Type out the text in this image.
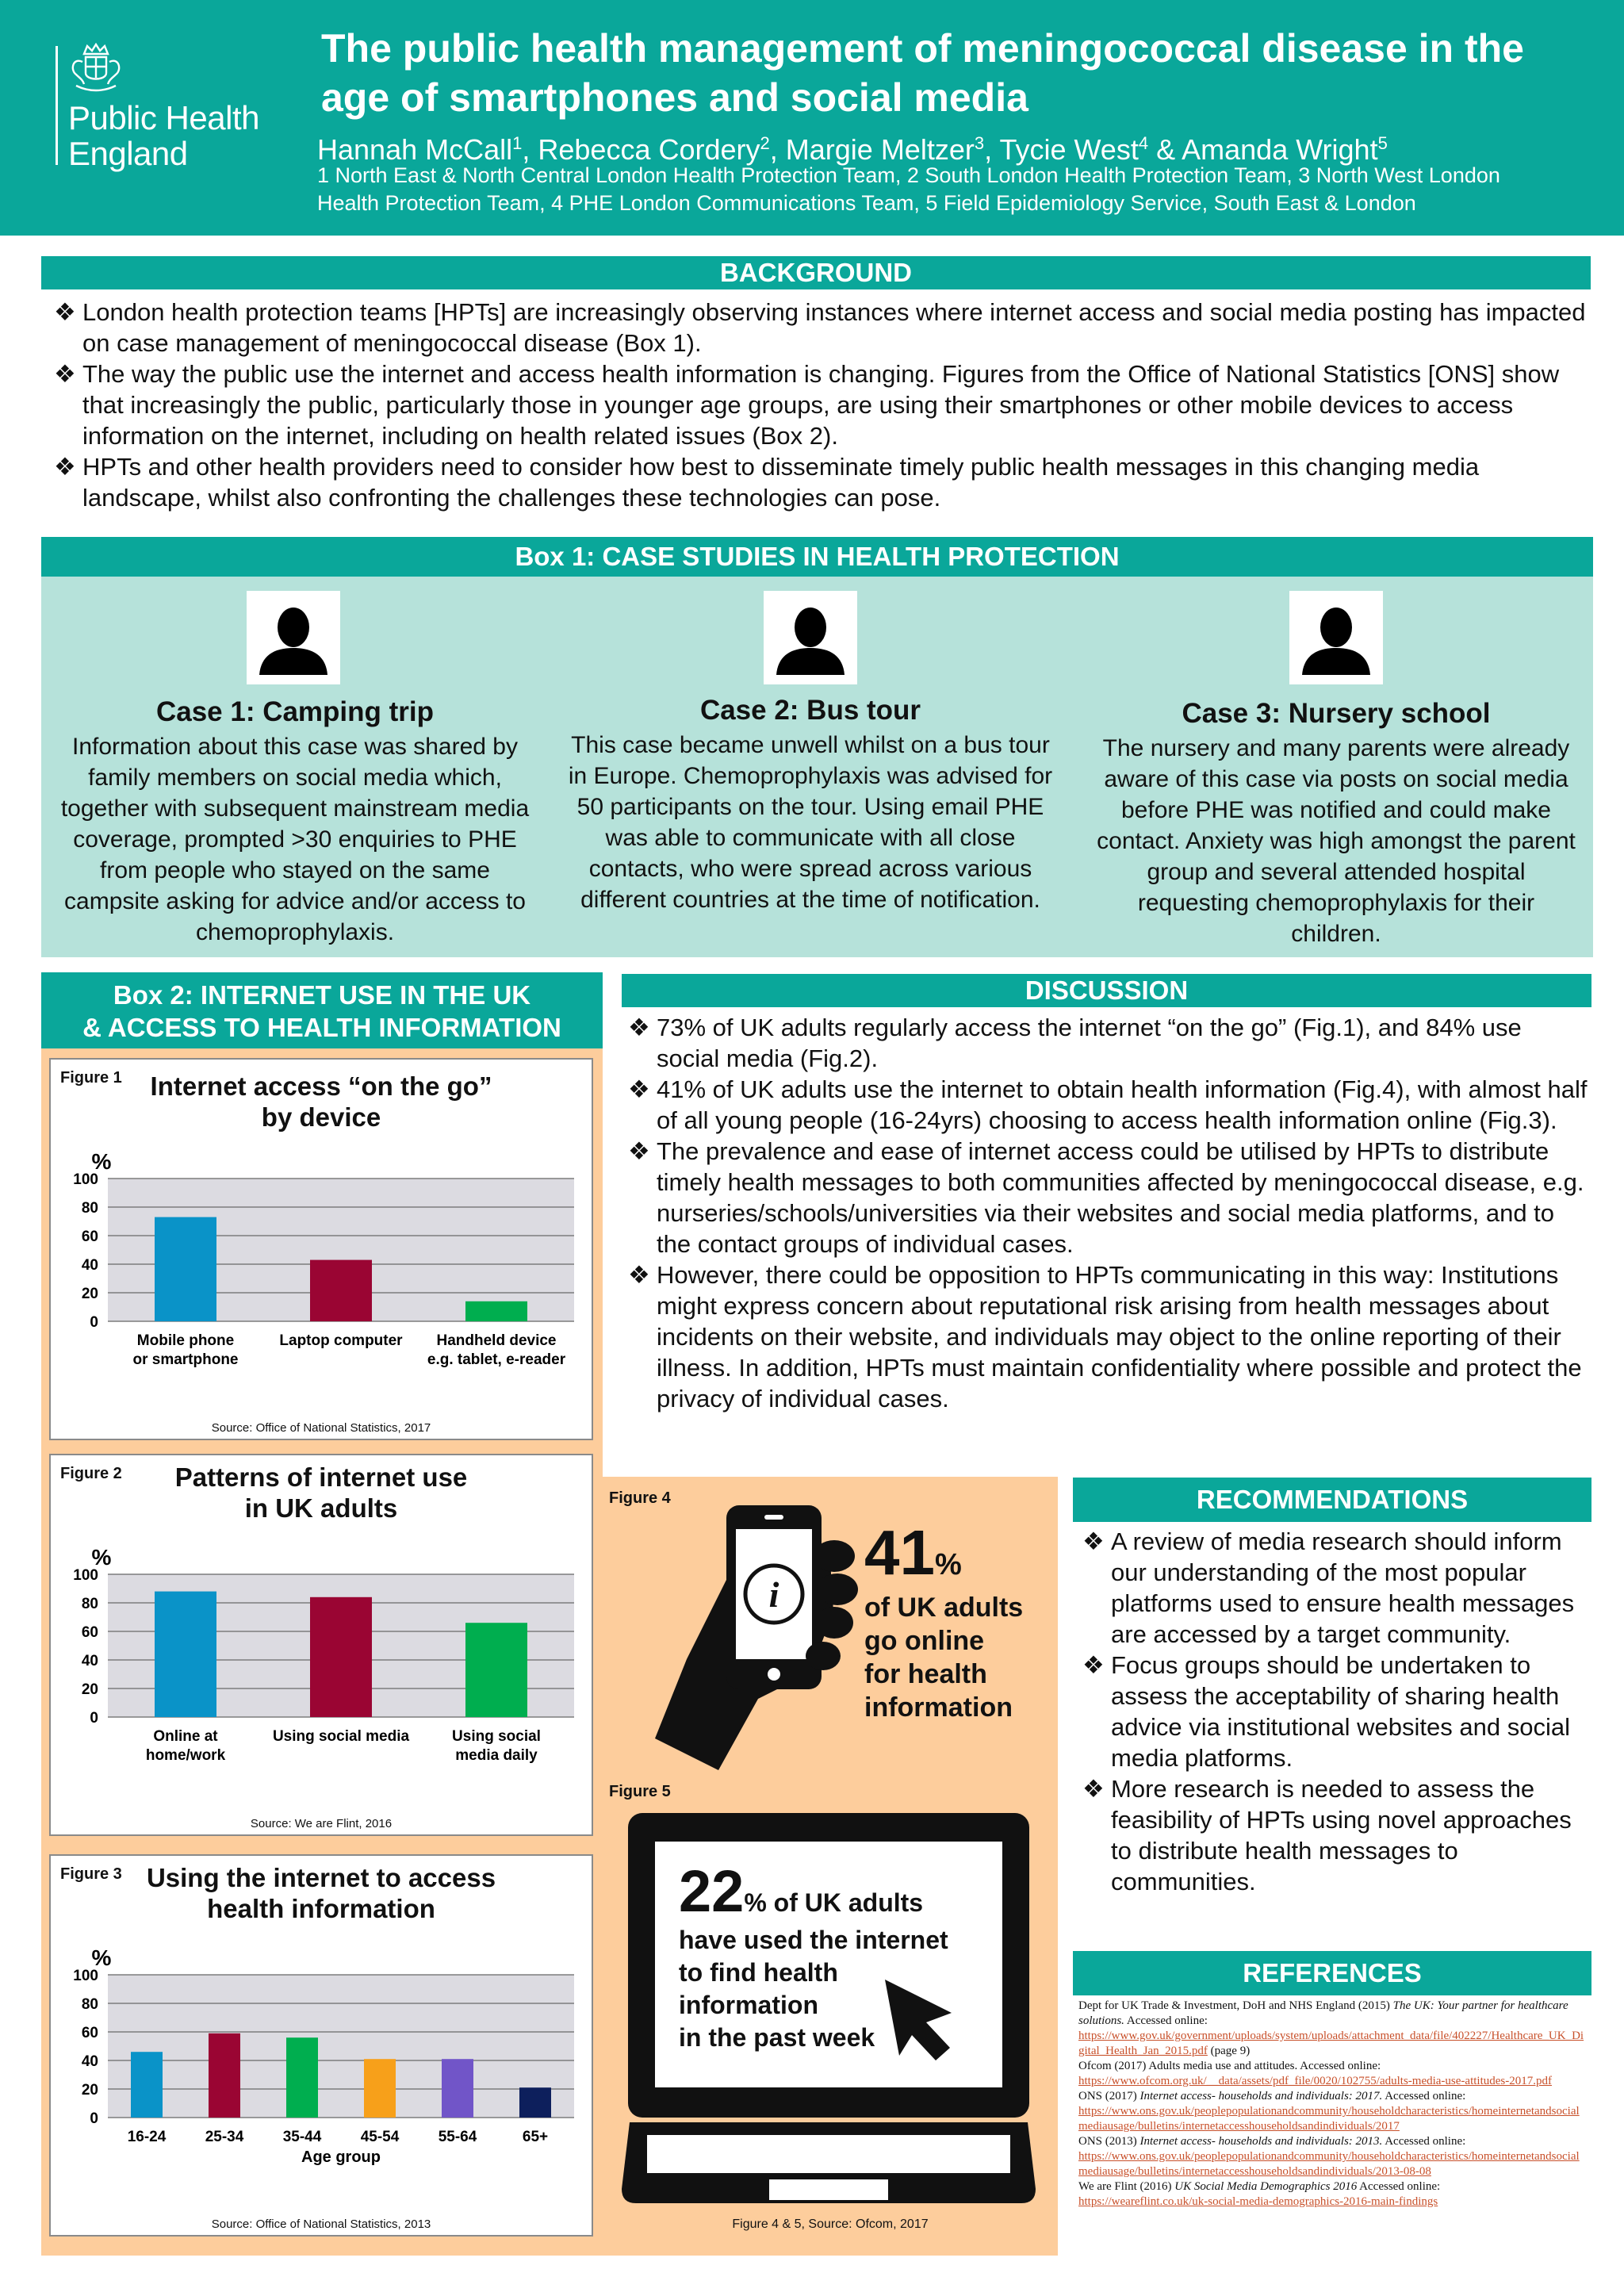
Public Health
England
The public health management of meningococcal disease in the
age of smartphones and social media
Hannah McCall$^1$, Rebecca Cordery$^2$, Margie Meltzer$^3$, Tycie West$^4$ & Amanda Wright$^5$
1 North East & North Central London Health Protection Team, 2 South London Health Protection Team, 3 North West London
Health Protection Team, 4 PHE London Communications Team, 5 Field Epidemiology Service, South East & London
BACKGROUND
❖ London health protection teams [HPTs] are increasingly observing instances where internet access and social media posting has impacted on case management of meningococcal disease (Box 1).
❖ The way the public use the internet and access health information is changing. Figures from the Office of National Statistics [ONS] show that increasingly the public, particularly those in younger age groups, are using their smartphones or other mobile devices to access information on the internet, including on health related issues (Box 2).
❖ HPTs and other health providers need to consider how best to disseminate timely public health messages in this changing media landscape, whilst also confronting the challenges these technologies can pose.
Box 1: CASE STUDIES IN HEALTH PROTECTION
Case 1: Camping trip

Information about this case was shared by family members on social media which, together with subsequent mainstream media coverage, prompted >30 enquiries to PHE from people who stayed on the same campsite asking for advice and/or access to chemoprophylaxis.

Case 2: Bus tour

This case became unwell whilst on a bus tour in Europe. Chemoprophylaxis was advised for 50 participants on the tour. Using email PHE was able to communicate with all close contacts, who were spread across various different countries at the time of notification.

Case 3: Nursery school

The nursery and many parents were already aware of this case via posts on social media before PHE was notified and could make contact. Anxiety was high amongst the parent group and several attended hospital requesting chemoprophylaxis for their children.

Box 2: INTERNET USE IN THE UK
& ACCESS TO HEALTH INFORMATION
Figure 1	Internet access “on the go”
by device
0
20
40
60
80
100
%
Mobile phone
or smartphone
Laptop computer Handheld device
e.g. tablet, e-reader
Source: Office of National Statistics, 2017
Figure 2	Patterns of internet use
in UK adults
0
20
40
60
80
100
%
Online at
home/work
Using social media	Using social
media daily
Source: We are Flint, 2016
Figure 3 Using the internet to access
health information
0
20
40
60
80
100
%
16-24	25-34	35-44	45-54	55-64	65+
Age group
Source: Office of National Statistics, 2013
Figure 4
i
41%
of UK adults
go online
for health
information
Figure 5
22% of UK adults
have used the internet
to find health
information
in the past week
Figure 4 & 5, Source: Ofcom, 2017
DISCUSSION
❖ 73% of UK adults regularly access the internet “on the go” (Fig.1), and 84% use social media (Fig.2).
❖ 41% of UK adults use the internet to obtain health information (Fig.4), with almost half of all young people (16-24yrs) choosing to access health information online (Fig.3).
❖ The prevalence and ease of internet access could be utilised by HPTs to distribute timely health messages to both communities affected by meningococcal disease, e.g. nurseries/schools/universities via their websites and social media platforms, and to the contact groups of individual cases.
❖ However, there could be opposition to HPTs communicating in this way: Institutions might express concern about reputational risk arising from health messages about incidents on their website, and individuals may object to the online reporting of their illness. In addition, HPTs must maintain confidentiality where possible and protect the privacy of individual cases.
RECOMMENDATIONS
❖ A review of media research should inform our understanding of the most popular platforms used to ensure health messages are accessed by a target community.
❖ Focus groups should be undertaken to assess the acceptability of sharing health advice via institutional websites and social media platforms.
❖ More research is needed to assess the feasibility of HPTs using novel approaches to distribute health messages to communities.
REFERENCES
Dept for UK Trade & Investment, DoH and NHS England (2015) The UK: Your partner for healthcare solutions. Accessed online:
https://www.gov.uk/government/uploads/system/uploads/attachment_data/file/402227/Healthcare_UK_Digital_Health_Jan_2015.pdf (page 9)
Ofcom (2017) Adults media use and attitudes. Accessed online:
https://www.ofcom.org.uk/__data/assets/pdf_file/0020/102755/adults-media-use-attitudes-2017.pdf
ONS (2017) Internet access- households and individuals: 2017. Accessed online:
https://www.ons.gov.uk/peoplepopulationandcommunity/householdcharacteristics/homeinternetandsocialmediausage/bulletins/internetaccesshouseholdsandindividuals/2017
ONS (2013) Internet access- households and individuals: 2013. Accessed online:
https://www.ons.gov.uk/peoplepopulationandcommunity/householdcharacteristics/homeinternetandsocialmediausage/bulletins/internetaccesshouseholdsandindividuals/2013-08-08
We are Flint (2016) UK Social Media Demographics 2016 Accessed online:
https://weareflint.co.uk/uk-social-media-demographics-2016-main-findings
